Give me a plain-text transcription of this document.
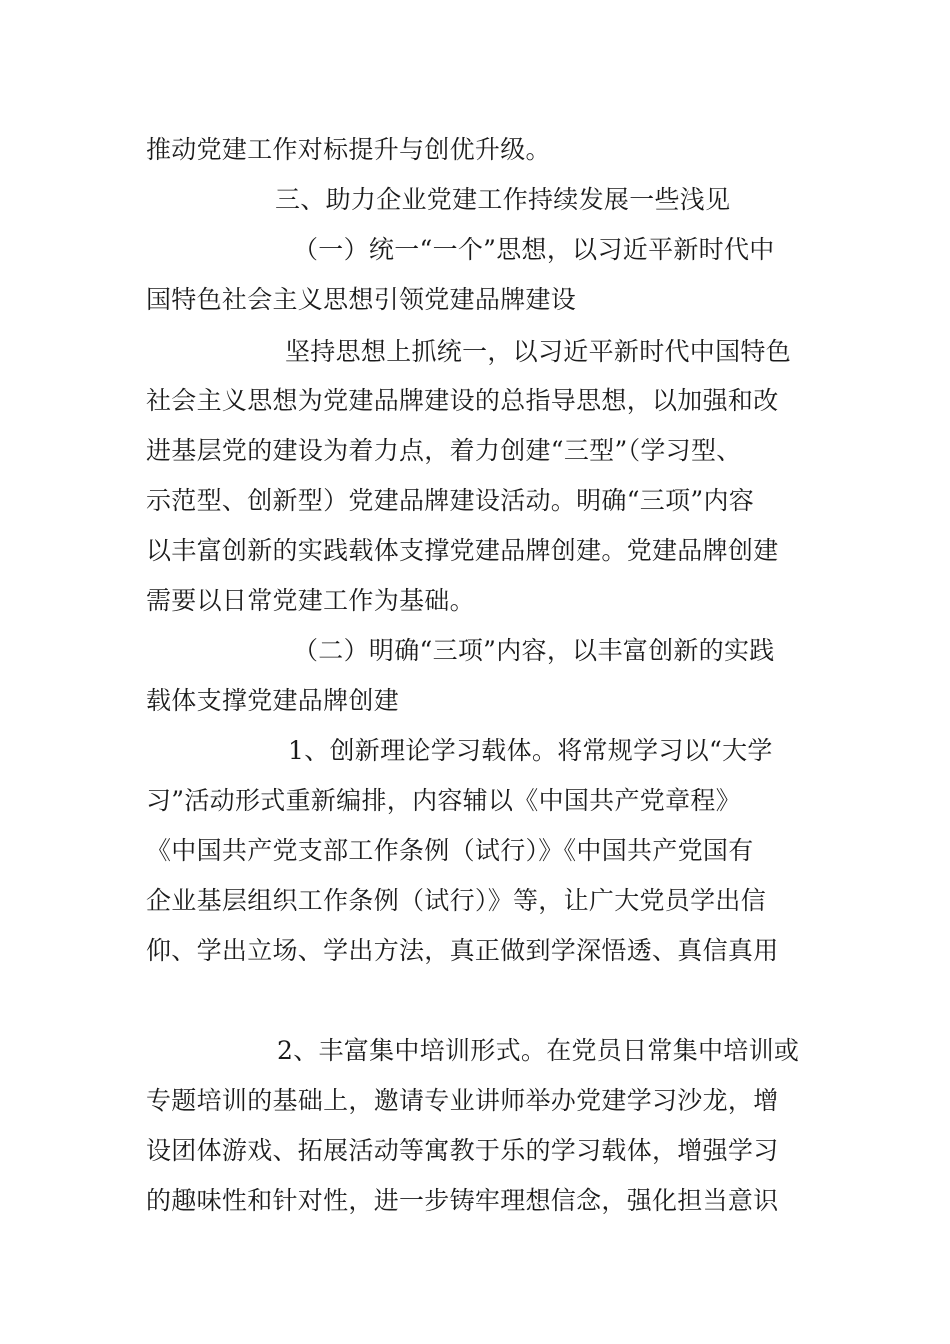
推动党建工作对标提升与创优升级。
三、助力企业党建工作持续发展一些浅见
（一）统一“一个”思想，以习近平新时代中
国特色社会主义思想引领党建品牌建设
坚持思想上抓统一，以习近平新时代中国特色
社会主义思想为党建品牌建设的总指导思想，以加强和改
进基层党的建设为着力点，着力创建“三型”（学习型、
示范型、创新型）党建品牌建设活动。明确“三项”内容
以丰富创新的实践载体支撑党建品牌创建。党建品牌创建
需要以日常党建工作为基础。
（二）明确“三项”内容，以丰富创新的实践
载体支撑党建品牌创建
1、创新理论学习载体。将常规学习以“大学
习”活动形式重新编排，内容辅以《中国共产党章程》
《中国共产党支部工作条例（试行）》《中国共产党国有
企业基层组织工作条例（试行）》等，让广大党员学出信
仰、学出立场、学出方法，真正做到学深悟透、真信真用
2、丰富集中培训形式。在党员日常集中培训或
专题培训的基础上，邀请专业讲师举办党建学习沙龙，增
设团体游戏、拓展活动等寓教于乐的学习载体，增强学习
的趣味性和针对性，进一步铸牢理想信念，强化担当意识
